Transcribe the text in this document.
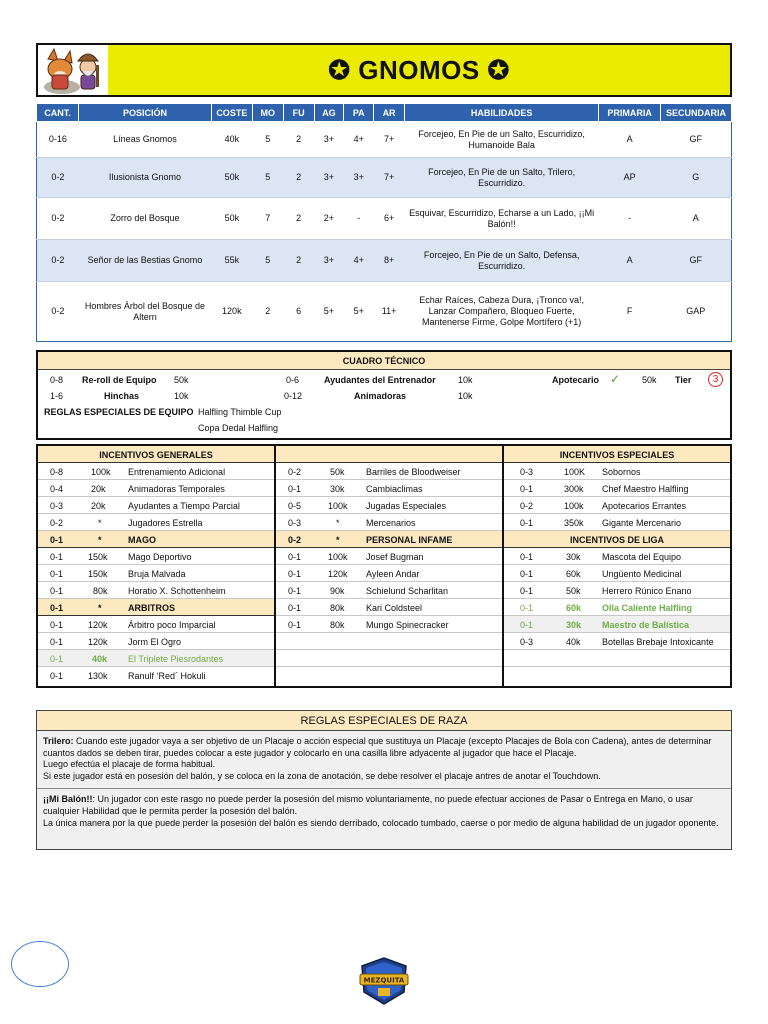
✪ GNOMOS ✪
CANT.	POSICIÓN	COSTE	MO	FU	AG	PA	AR	HABILIDADES	PRIMARIA	SECUNDARIA
0-16	Líneas Gnomos	40k	5	2	3+	4+	7+	Forcejeo, En Pie de un Salto, Escurridizo, Humanoide Bala	A	GF
0-2	Ilusionista Gnomo	50k	5	2	3+	3+	7+	Forcejeo, En Pie de un Salto, Trilero, Escurridizo.	AP	G
0-2	Zorro del Bosque	50k	7	2	2+	-	6+	Esquivar, Escurridizo, Echarse a un Lado, ¡¡Mi Balón!!	-	A
0-2	Señor de las Bestias Gnomo	55k	5	2	3+	4+	8+	Forcejeo, En Pie de un Salto, Defensa, Escurridizo.	A	GF
0-2	Hombres Árbol del Bosque de Altern	120k	2	6	5+	5+	11+	Echar Raíces, Cabeza Dura, ¡Tronco va!, Lanzar Compañero, Bloqueo Fuerte, Mantenerse Firme, Golpe Mortífero (+1)	F	GAP
CUADRO TÉCNICO
0-8 Re-roll de Equipo 50k	0-6	Ayudantes del Entrenador 10k	Apotecario ✓ 50k Tier	3
1-6	Hinchas	10k	0-12	Animadoras	10k
REGLAS ESPECIALES DE EQUIPO Halfling Thimble Cup
Copa Dedal Halfling
INCENTIVOS GENERALES
0-8	100k Entrenamiento Adicional
0-4	20k Animadoras Temporales
0-3	20k Ayudantes a Tiempo Parcial
0-2	*	Jugadores Estrella
0-1	*	MAGO
0-1	150k Mago Deportivo
0-1	150k Bruja Malvada
0-1	80k Horatio X. Schottenheim
0-1	*	ARBITROS
0-1	120k Árbitro poco Imparcial
0-1	120k Jorm El Ogro
0-1	40k El Triplete Piesrodantes
0-1	130k Ranulf ‘Red´ Hokuli
0-2	50k Barriles de Bloodweiser
0-1	30k Cambiaclimas
0-5	100k Jugadas Especiales
0-3	*	Mercenarios
0-2	*	PERSONAL INFAME
0-1	100k Josef Bugman
0-1	120k Ayleen Andar
0-1	90k Schielund Scharlitan
0-1	80k Kari Coldsteel
0-1	80k Mungo Spinecracker
INCENTIVOS ESPECIALES
0-3	100K Sobornos
0-1	300k Chef Maestro Halfling
0-2	100k Apotecarios Errantes
0-1	350k Gigante Mercenario
INCENTIVOS DE LIGA
0-1	30k Mascota del Equipo
0-1	60k Ungüento Medicinal
0-1	50k Herrero Rúnico Enano
0-1	60k Olla Caliente Halfling
0-1	30k Maestro de Balística
0-3	40k Botellas Brebaje Intoxicante
REGLAS ESPECIALES DE RAZA

Trilero: Cuando este jugador vaya a ser objetivo de un Placaje o acción especial que sustituya un Placaje (excepto Placajes de Bola con Cadena), antes de determinar cuantos dados se deben tirar, puedes colocar a este jugador y colocarlo en una casilla libre adyacente al jugador que hace el Placaje.

Luego efectúa el placaje de forma habitual.

Si este jugador está en posesión del balón, y se coloca en la zona de anotación, se debe resolver el placaje antres de anotar el Touchdown.

¡¡Mi Balón!!: Un jugador con este rasgo no puede perder la posesión del mismo voluntariamente, no puede efectuar acciones de Pasar o Entrega en Mano, o usar cualquier Habilidad que le permita perder la posesión del balón.

La única manera por la que puede perder la posesión del balón es siendo derribado, colocado tumbado, caerse o por medio de alguna habilidad de un jugador oponente.

MEZQUITA
